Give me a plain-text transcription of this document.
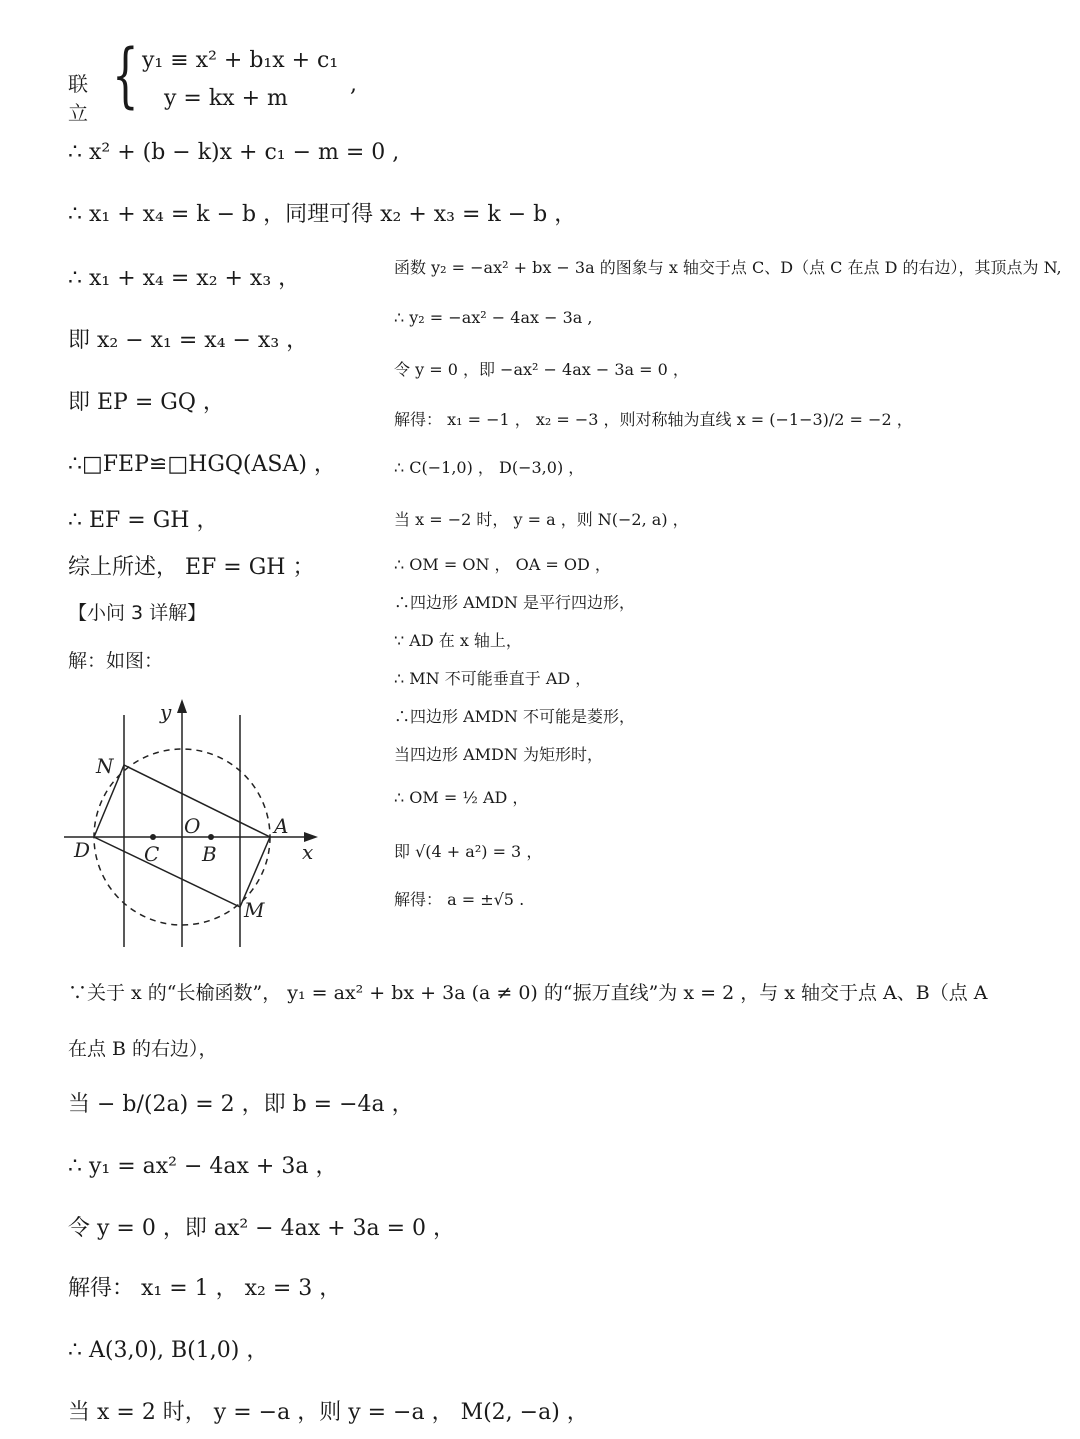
联立 { y₁ ≡ x² + b₁x + c₁
y = kx + m
,
∴ x² + (b − k)x + c₁ − m = 0 ,
∴ x₁ + x₄ = k − b ，同理可得 x₂ + x₃ = k − b ，
∴ x₁ + x₄ = x₂ + x₃ ，
即 x₂ − x₁ = x₄ − x₃ ，
即 EP = GQ ，
∴□FEP≌□HGQ(ASA) ，
∴ EF = GH ，
综上所述， EF = GH ；
【小问 3 详解】
解：如图：
函数 y₂ = −ax² + bx − 3a 的图象与 x 轴交于点 C、D（点 C 在点 D 的右边），其顶点为 N,
∴ y₂ = −ax² − 4ax − 3a ,
令 y = 0 ，即 −ax² − 4ax − 3a = 0 ，
解得： x₁ = −1 ， x₂ = −3 ，则对称轴为直线 x = (−1−3)/2 = −2 ，
∴ C(−1,0) ， D(−3,0) ，
当 x = −2 时， y = a ，则 N(−2, a) ，
∴ OM = ON ， OA = OD ，
∴四边形 AMDN 是平行四边形，
∵ AD 在 x 轴上，
∴ MN 不可能垂直于 AD ，
∴四边形 AMDN 不可能是菱形，
当四边形 AMDN 为矩形时，
∴ OM = ½ AD ，
即 √(4 + a²) = 3 ，
解得： a = ±√5 .
y
x
N
O	A
D	C B
M
∵关于 x 的“长榆函数”， y₁ = ax² + bx + 3a (a ≠ 0) 的“振万直线”为 x = 2 ，与 x 轴交于点 A、B（点 A
在点 B 的右边），
当 − b/(2a) = 2 ，即 b = −4a ，
∴ y₁ = ax² − 4ax + 3a ，
令 y = 0 ，即 ax² − 4ax + 3a = 0 ，
解得： x₁ = 1 ， x₂ = 3 ，
∴ A(3,0), B(1,0) ，
当 x = 2 时， y = −a ，则 y = −a ， M(2, −a) ，
